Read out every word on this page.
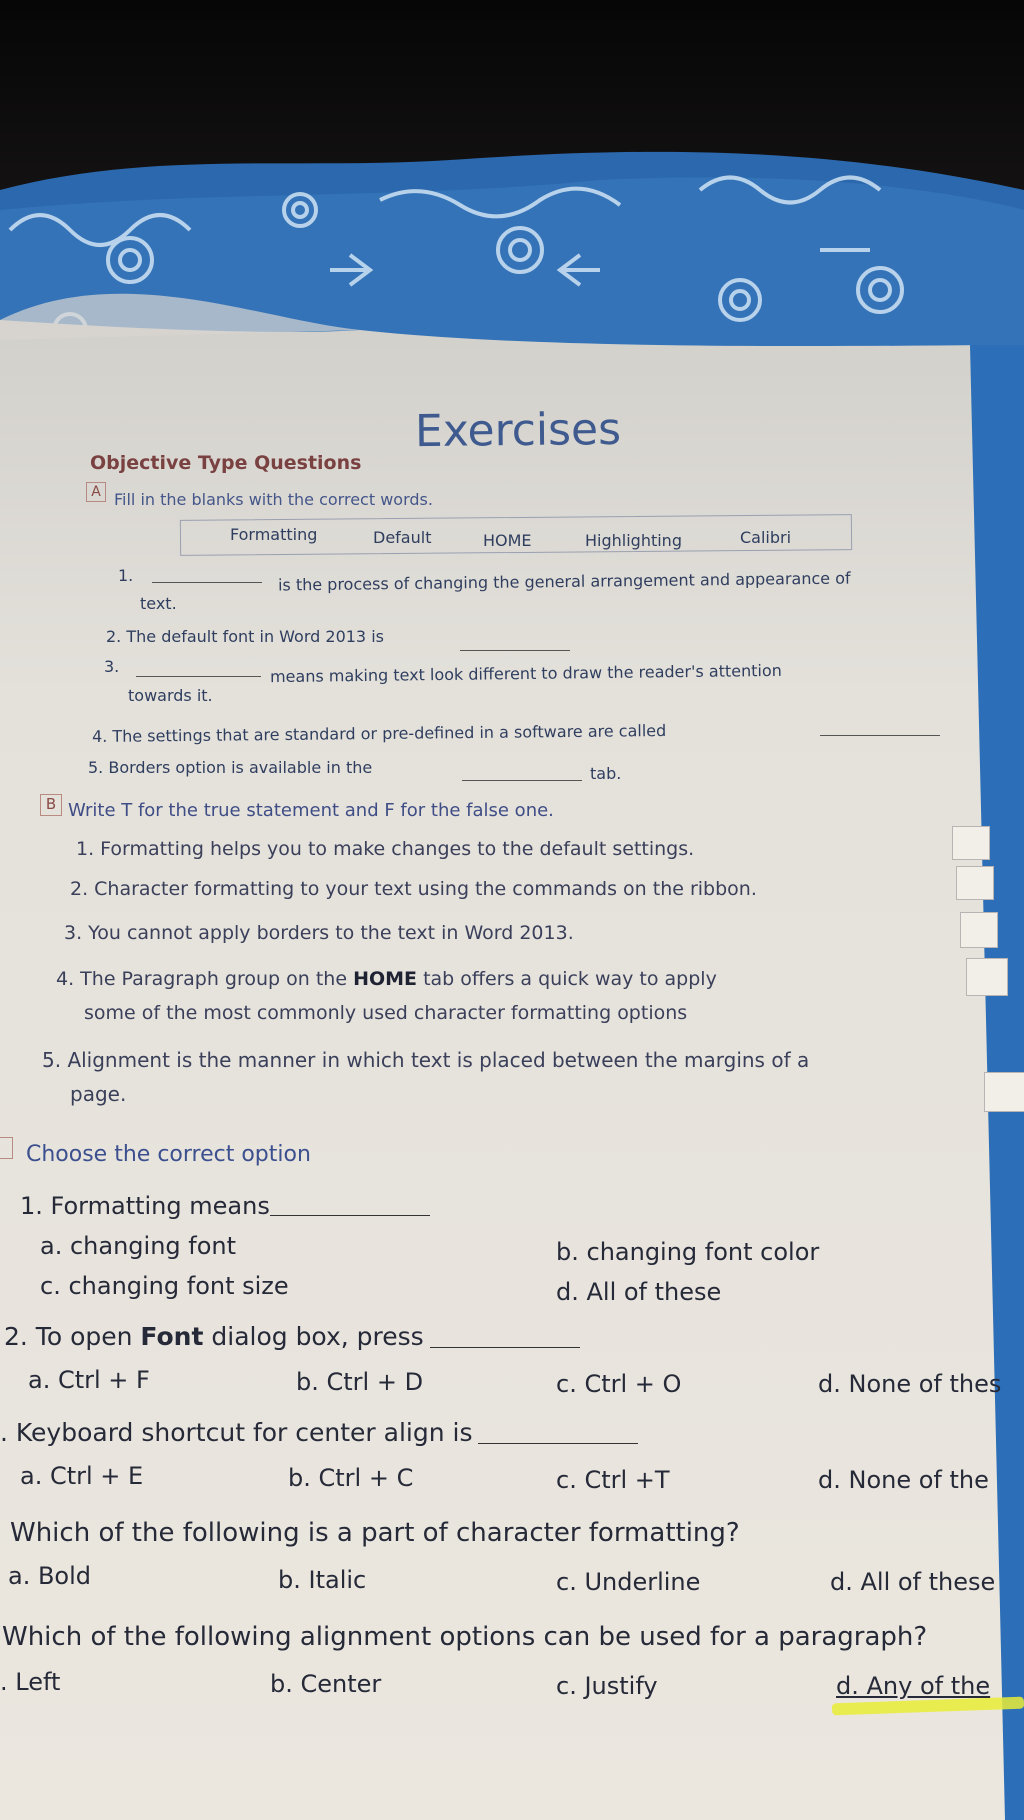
Exercises
Objective Type Questions
A Fill in the blanks with the correct words.
Formatting	Default	HOME	Highlighting	Calibri
1.	is the process of changing the general arrangement and appearance of
text.
2. The default font in Word 2013 is
3.	means making text look different to draw the reader's attention
towards it.
4. The settings that are standard or pre-defined in a software are called
5. Borders option is available in the	tab.
B Write T for the true statement and F for the false one.
1. Formatting helps you to make changes to the default settings.
2. Character formatting to your text using the commands on the ribbon.
3. You cannot apply borders to the text in Word 2013.
4. The Paragraph group on the HOME tab offers a quick way to apply
some of the most commonly used character formatting options
5. Alignment is the manner in which text is placed between the margins of a
page.
Choose the correct option
1. Formatting means
a. changing font	b. changing font color
c. changing font size	d. All of these
2. To open Font dialog box, press
a. Ctrl + F	b. Ctrl + D	c. Ctrl + O	d. None of thes
. Keyboard shortcut for center align is
a. Ctrl + E	b. Ctrl + C	c. Ctrl +T	d. None of the
Which of the following is a part of character formatting?
a. Bold	b. Italic	c. Underline	d. All of these
Which of the following alignment options can be used for a paragraph?
. Left	b. Center	c. Justify	d. Any of the
